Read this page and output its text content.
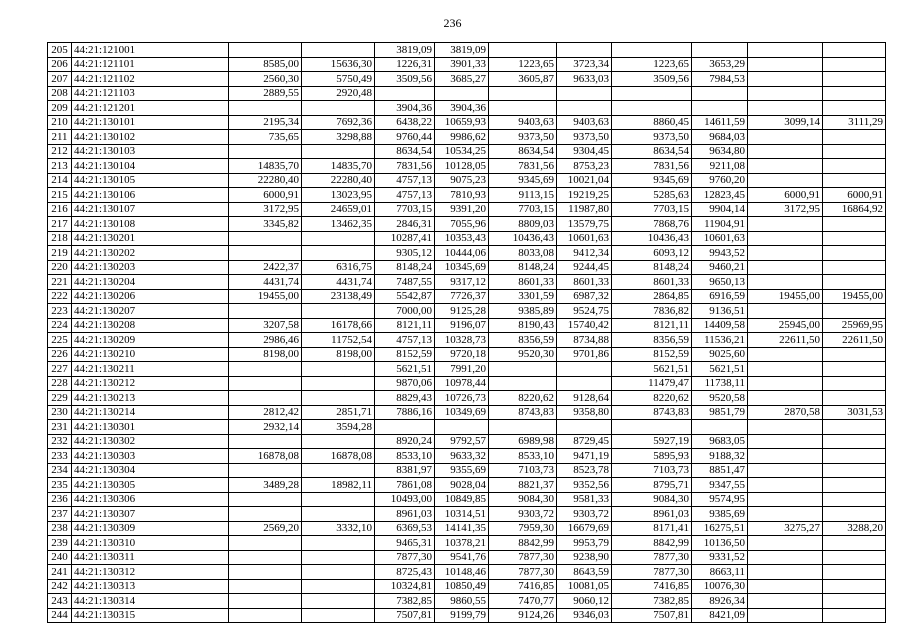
236
205	44:21:121001			3819,09	3819,09						
206	44:21:121101	8585,00	15636,30	1226,31	3901,33	1223,65	3723,34	1223,65	3653,29		
207	44:21:121102	2560,30	5750,49	3509,56	3685,27	3605,87	9633,03	3509,56	7984,53		
208	44:21:121103	2889,55	2920,48								
209	44:21:121201			3904,36	3904,36						
210	44:21:130101	2195,34	7692,36	6438,22	10659,93	9403,63	9403,63	8860,45	14611,59	3099,14	3111,29
211	44:21:130102	735,65	3298,88	9760,44	9986,62	9373,50	9373,50	9373,50	9684,03		
212	44:21:130103			8634,54	10534,25	8634,54	9304,45	8634,54	9634,80		
213	44:21:130104	14835,70	14835,70	7831,56	10128,05	7831,56	8753,23	7831,56	9211,08		
214	44:21:130105	22280,40	22280,40	4757,13	9075,23	9345,69	10021,04	9345,69	9760,20		
215	44:21:130106	6000,91	13023,95	4757,13	7810,93	9113,15	19219,25	5285,63	12823,45	6000,91	6000,91
216	44:21:130107	3172,95	24659,01	7703,15	9391,20	7703,15	11987,80	7703,15	9904,14	3172,95	16864,92
217	44:21:130108	3345,82	13462,35	2846,31	7055,96	8809,03	13579,75	7868,76	11904,91		
218	44:21:130201			10287,41	10353,43	10436,43	10601,63	10436,43	10601,63		
219	44:21:130202			9305,12	10444,06	8033,08	9412,34	6093,12	9943,52		
220	44:21:130203	2422,37	6316,75	8148,24	10345,69	8148,24	9244,45	8148,24	9460,21		
221	44:21:130204	4431,74	4431,74	7487,55	9317,12	8601,33	8601,33	8601,33	9650,13		
222	44:21:130206	19455,00	23138,49	5542,87	7726,37	3301,59	6987,32	2864,85	6916,59	19455,00	19455,00
223	44:21:130207			7000,00	9125,28	9385,89	9524,75	7836,82	9136,51		
224	44:21:130208	3207,58	16178,66	8121,11	9196,07	8190,43	15740,42	8121,11	14409,58	25945,00	25969,95
225	44:21:130209	2986,46	11752,54	4757,13	10328,73	8356,59	8734,88	8356,59	11536,21	22611,50	22611,50
226	44:21:130210	8198,00	8198,00	8152,59	9720,18	9520,30	9701,86	8152,59	9025,60		
227	44:21:130211			5621,51	7991,20			5621,51	5621,51		
228	44:21:130212			9870,06	10978,44			11479,47	11738,11		
229	44:21:130213			8829,43	10726,73	8220,62	9128,64	8220,62	9520,58		
230	44:21:130214	2812,42	2851,71	7886,16	10349,69	8743,83	9358,80	8743,83	9851,79	2870,58	3031,53
231	44:21:130301	2932,14	3594,28								
232	44:21:130302			8920,24	9792,57	6989,98	8729,45	5927,19	9683,05		
233	44:21:130303	16878,08	16878,08	8533,10	9633,32	8533,10	9471,19	5895,93	9188,32		
234	44:21:130304			8381,97	9355,69	7103,73	8523,78	7103,73	8851,47		
235	44:21:130305	3489,28	18982,11	7861,08	9028,04	8821,37	9352,56	8795,71	9347,55		
236	44:21:130306			10493,00	10849,85	9084,30	9581,33	9084,30	9574,95		
237	44:21:130307			8961,03	10314,51	9303,72	9303,72	8961,03	9385,69		
238	44:21:130309	2569,20	3332,10	6369,53	14141,35	7959,30	16679,69	8171,41	16275,51	3275,27	3288,20
239	44:21:130310			9465,31	10378,21	8842,99	9953,79	8842,99	10136,50		
240	44:21:130311			7877,30	9541,76	7877,30	9238,90	7877,30	9331,52		
241	44:21:130312			8725,43	10148,46	7877,30	8643,59	7877,30	8663,11		
242	44:21:130313			10324,81	10850,49	7416,85	10081,05	7416,85	10076,30		
243	44:21:130314			7382,85	9860,55	7470,77	9060,12	7382,85	8926,34		
244	44:21:130315			7507,81	9199,79	9124,26	9346,03	7507,81	8421,09		
